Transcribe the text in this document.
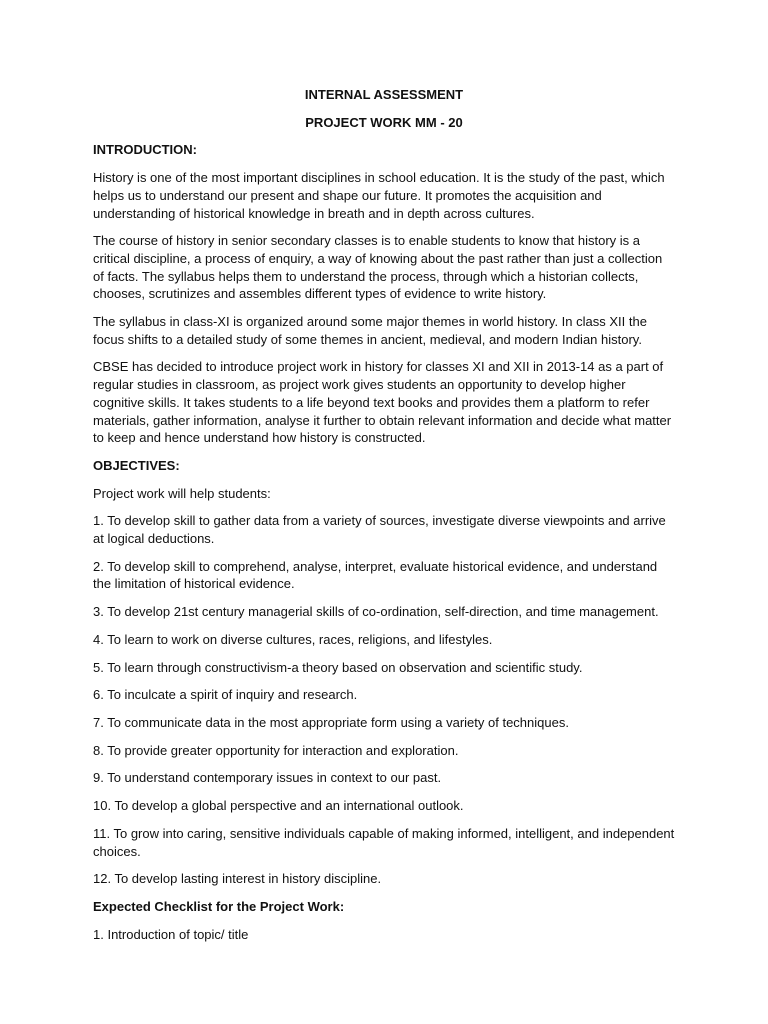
INTERNAL ASSESSMENT

PROJECT WORK MM - 20

INTRODUCTION:

History is one of the most important disciplines in school education. It is the study of the past, which helps us to understand our present and shape our future. It promotes the acquisition and understanding of historical knowledge in breath and in depth across cultures.

The course of history in senior secondary classes is to enable students to know that history is a critical discipline, a process of enquiry, a way of knowing about the past rather than just a collection of facts. The syllabus helps them to understand the process, through which a historian collects, chooses, scrutinizes and assembles different types of evidence to write history.

The syllabus in class-XI is organized around some major themes in world history. In class XII the focus shifts to a detailed study of some themes in ancient, medieval, and modern Indian history.

CBSE has decided to introduce project work in history for classes XI and XII in 2013-14 as a part of regular studies in classroom, as project work gives students an opportunity to develop higher cognitive skills. It takes students to a life beyond text books and provides them a platform to refer materials, gather information, analyse it further to obtain relevant information and decide what matter to keep and hence understand how history is constructed.

OBJECTIVES:

Project work will help students:

1. To develop skill to gather data from a variety of sources, investigate diverse viewpoints and arrive at logical deductions.

2. To develop skill to comprehend, analyse, interpret, evaluate historical evidence, and understand the limitation of historical evidence.

3. To develop 21st century managerial skills of co-ordination, self-direction, and time management.

4. To learn to work on diverse cultures, races, religions, and lifestyles.

5. To learn through constructivism-a theory based on observation and scientific study.

6. To inculcate a spirit of inquiry and research.

7. To communicate data in the most appropriate form using a variety of techniques.

8. To provide greater opportunity for interaction and exploration.

9. To understand contemporary issues in context to our past.

10. To develop a global perspective and an international outlook.

11. To grow into caring, sensitive individuals capable of making informed, intelligent, and independent choices.

12. To develop lasting interest in history discipline.

Expected Checklist for the Project Work:

1. Introduction of topic/ title
